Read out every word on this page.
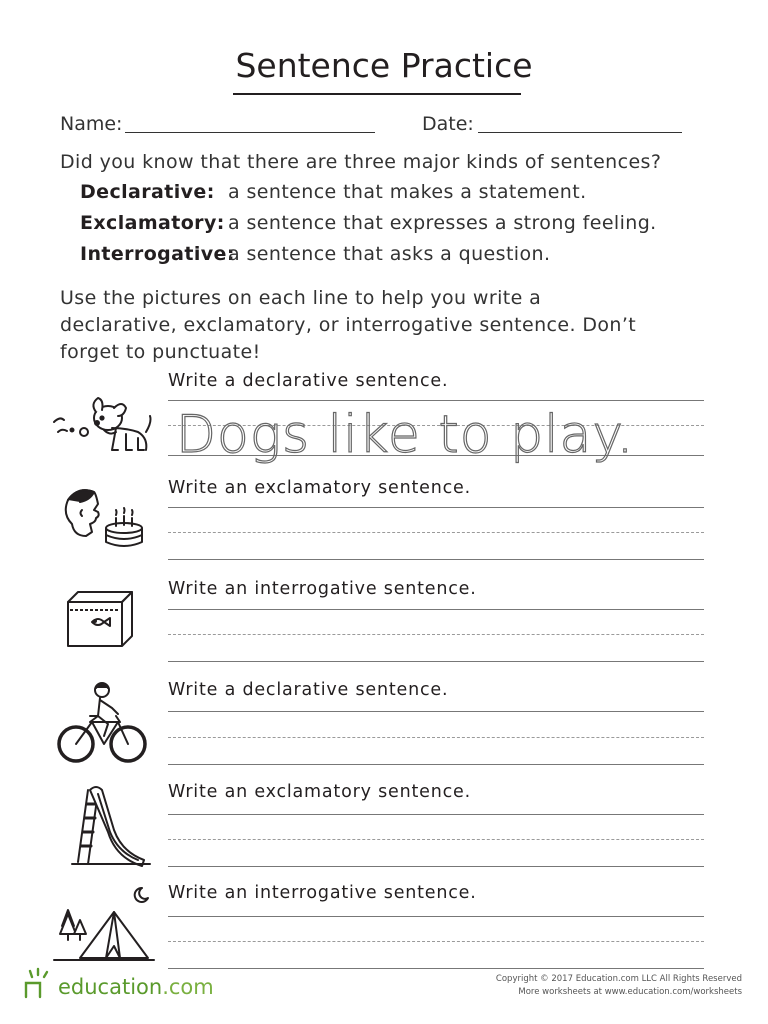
Sentence Practice
Name:	Date:
Did you know that there are three major kinds of sentences?
Declarative: a sentence that makes a statement.
Exclamatory: a sentence that expresses a strong feeling.
Interrogative:
a sentence that asks a question.
Use the pictures on each line to help you write a
declarative, exclamatory, or interrogative sentence. Don’t
forget to punctuate!
Write a declarative sentence.
Dogs like to play.
Write an exclamatory sentence.
Write an interrogative sentence.
Write a declarative sentence.
Write an exclamatory sentence.
Write an interrogative sentence.
education.com	Copyright © 2017 Education.com LLC All Rights Reserved
More worksheets at www.education.com/worksheets
